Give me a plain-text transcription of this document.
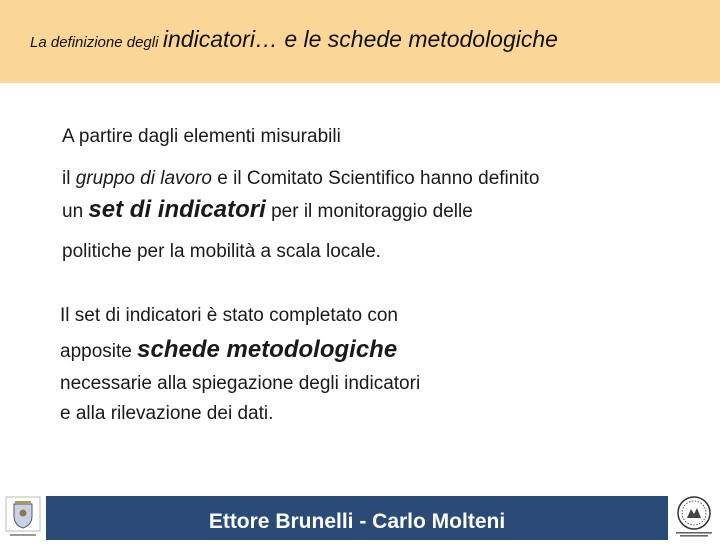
La definizione degli indicatori… e le schede metodologiche
A partire dagli elementi misurabili
il gruppo di lavoro e il Comitato Scientifico hanno definito
un set di indicatori per il monitoraggio delle
politiche per la mobilità a scala locale.
Il set di indicatori è stato completato con
apposite schede metodologiche
necessarie alla spiegazione degli indicatori
e alla rilevazione dei dati.
Ettore Brunelli - Carlo Molteni
